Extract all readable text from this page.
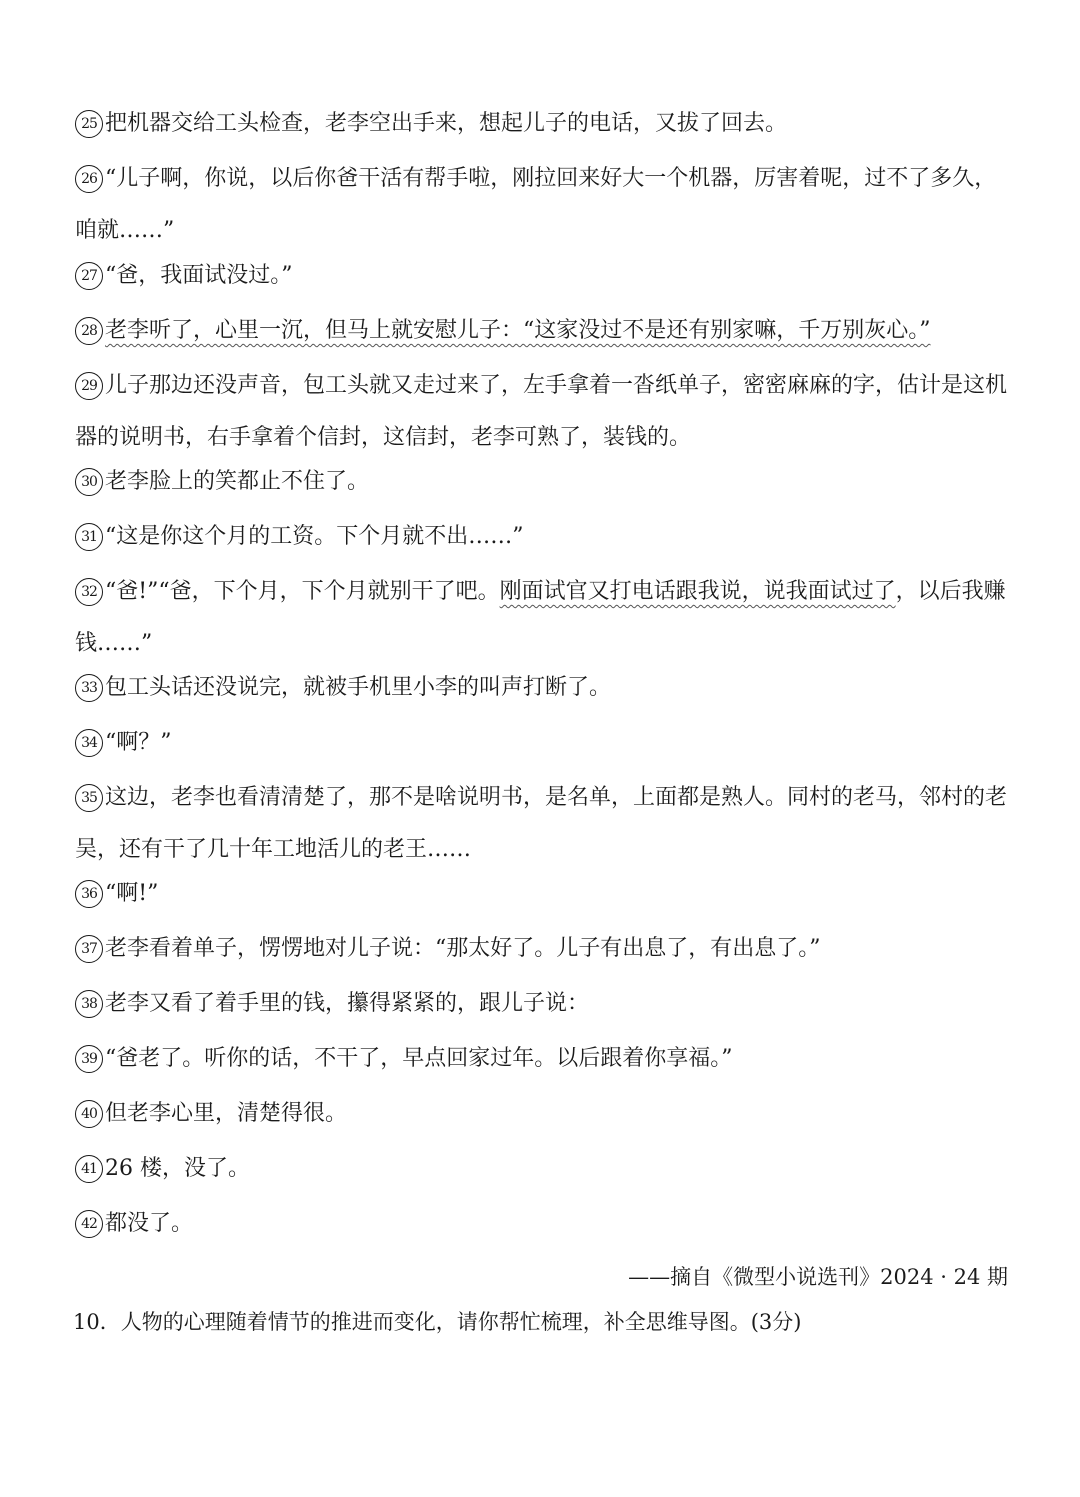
25 把机器交给工头检查，老李空出手来，想起儿子的电话，又拔了回去。
26 “儿子啊，你说，以后你爸干活有帮手啦，刚拉回来好大一个机器，厉害着呢，过不了多久，咱就……”
27 “爸，我面试没过。”
28 老李听了，心里一沉，但马上就安慰儿子：“这家没过不是还有别家嘛，千万别灰心。”
29 儿子那边还没声音，包工头就又走过来了，左手拿着一沓纸单子，密密麻麻的字，估计是这机器的说明书，右手拿着个信封，这信封，老李可熟了，装钱的。
30 老李脸上的笑都止不住了。
31 “这是你这个月的工资。下个月就不出……”
32 “爸!”“爸，下个月，下个月就别干了吧。刚面试官又打电话跟我说，说我面试过了，以后我赚钱……”
33 包工头话还没说完，就被手机里小李的叫声打断了。
34 “啊？”
35 这边，老李也看清清楚了，那不是啥说明书，是名单，上面都是熟人。同村的老马，邻村的老吴，还有干了几十年工地活儿的老王……
36 “啊!”
37 老李看着单子，愣愣地对儿子说：“那太好了。儿子有出息了，有出息了。”
38 老李又看了着手里的钱，攥得紧紧的，跟儿子说：
39 “爸老了。听你的话，不干了，早点回家过年。以后跟着你享福。”
40 但老李心里，清楚得很。
41 26 楼，没了。
42 都没了。
——摘自《微型小说选刊》2024 · 24 期
10．人物的心理随着情节的推进而变化，请你帮忙梳理，补全思维导图。(3分)
